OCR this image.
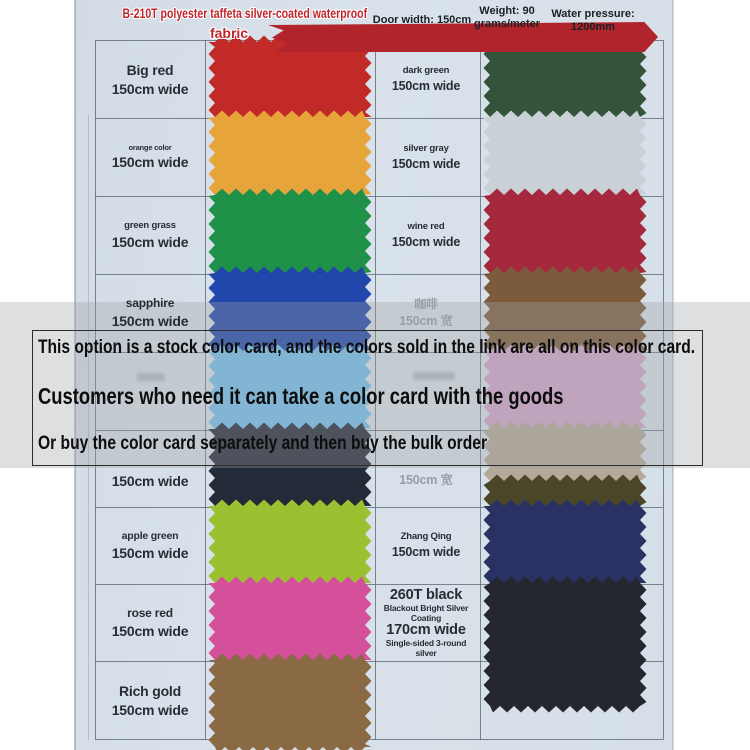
B-210T polyester taffeta silver-coated waterproof
fabric
Door width: 150cm
Weight: 90
grams/meter
Water pressure:
1200mm
Big red
150cm wide
orange color
150cm wide
green grass
150cm wide
sapphire
150cm wide
150cm wide
apple green
150cm wide
rose red
150cm wide
Rich gold
150cm wide
dark green
150cm wide
silver gray
150cm wide
wine red
150cm wide
咖啡
150cm 宽
150cm 宽
Zhang Qing
150cm wide
260T black
Blackout Bright Silver
Coating
170cm wide
Single-sided 3-round
silver
This option is a stock color card, and the colors sold in the link are all on this color card.
Customers who need it can take a color card with the goods
Or buy the color card separately and then buy the bulk order
